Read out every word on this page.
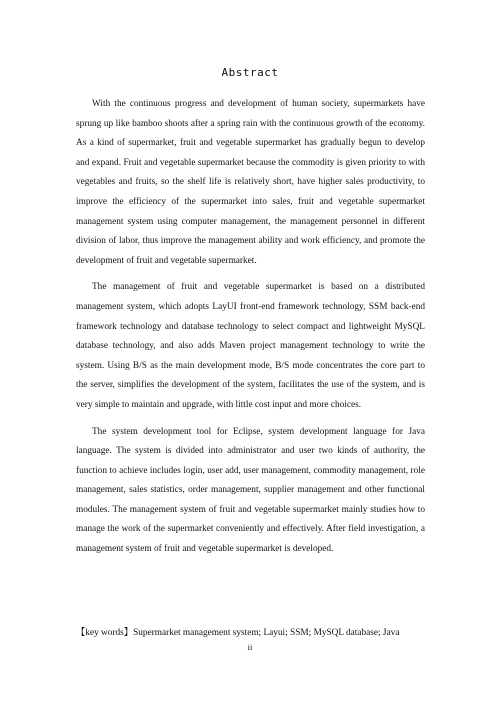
Abstract

With the continuous progress and development of human society, supermarkets have sprung up like bamboo shoots after a spring rain with the continuous growth of the economy. As a kind of supermarket, fruit and vegetable supermarket has gradually begun to develop and expand. Fruit and vegetable supermarket because the commodity is given priority to with vegetables and fruits, so the shelf life is relatively short, have higher sales productivity, to improve the efficiency of the supermarket into sales, fruit and vegetable supermarket management system using computer management, the management personnel in different division of labor, thus improve the management ability and work efficiency, and promote the development of fruit and vegetable supermarket.

The management of fruit and vegetable supermarket is based on a distributed management system, which adopts LayUI front-end framework technology, SSM back-end framework technology and database technology to select compact and lightweight MySQL database technology, and also adds Maven project management technology to write the system. Using B/S as the main development mode, B/S mode concentrates the core part to the server, simplifies the development of the system, facilitates the use of the system, and is very simple to maintain and upgrade, with little cost input and more choices.

The system development tool for Eclipse, system development language for Java language. The system is divided into administrator and user two kinds of authority, the function to achieve includes login, user add, user management, commodity management, role management, sales statistics, order management, supplier management and other functional modules. The management system of fruit and vegetable supermarket mainly studies how to manage the work of the supermarket conveniently and effectively. After field investigation, a management system of fruit and vegetable supermarket is developed.

【key words】Supermarket management system; Layui; SSM; MySQL database; Java
ii
